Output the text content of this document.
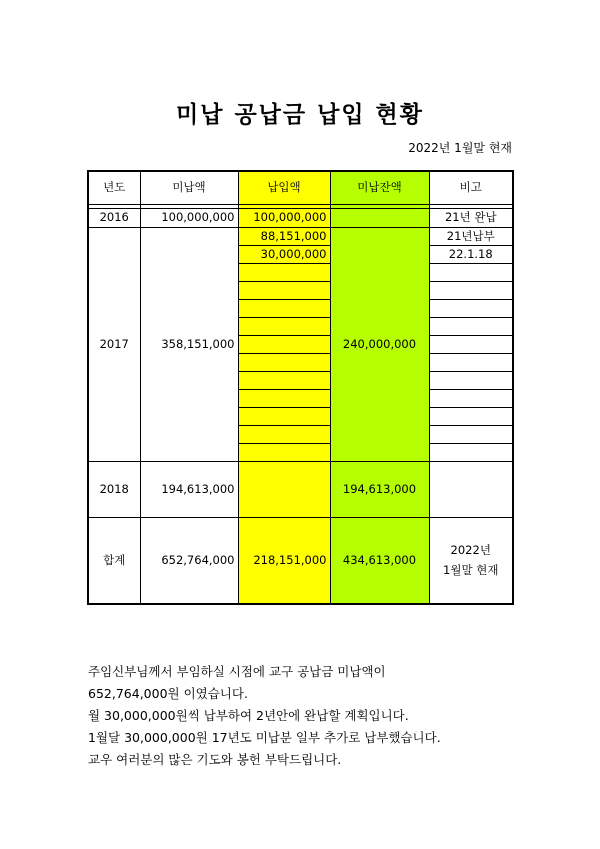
미납 공납금 납입 현황
2022년 1월말 현재
년도	미납액	납입액	미납잔액	비고

2016	100,000,000	100,000,000		21년 완납
2017	358,151,000	88,151,000	240,000,000	21년납부
		30,000,000		22.1.18

2018	194,613,000		194,613,000	
합계	652,764,000	218,151,000	434,613,000	2022년
1월말 현재
주임신부님께서 부임하실 시점에 교구 공납금 미납액이
652,764,000원 이였습니다.
월 30,000,000원씩 납부하여 2년안에 완납할 계획입니다.
1월달 30,000,000원 17년도 미납분 일부 추가로 납부했습니다.
교우 여러분의 많은 기도와 봉헌 부탁드립니다.
